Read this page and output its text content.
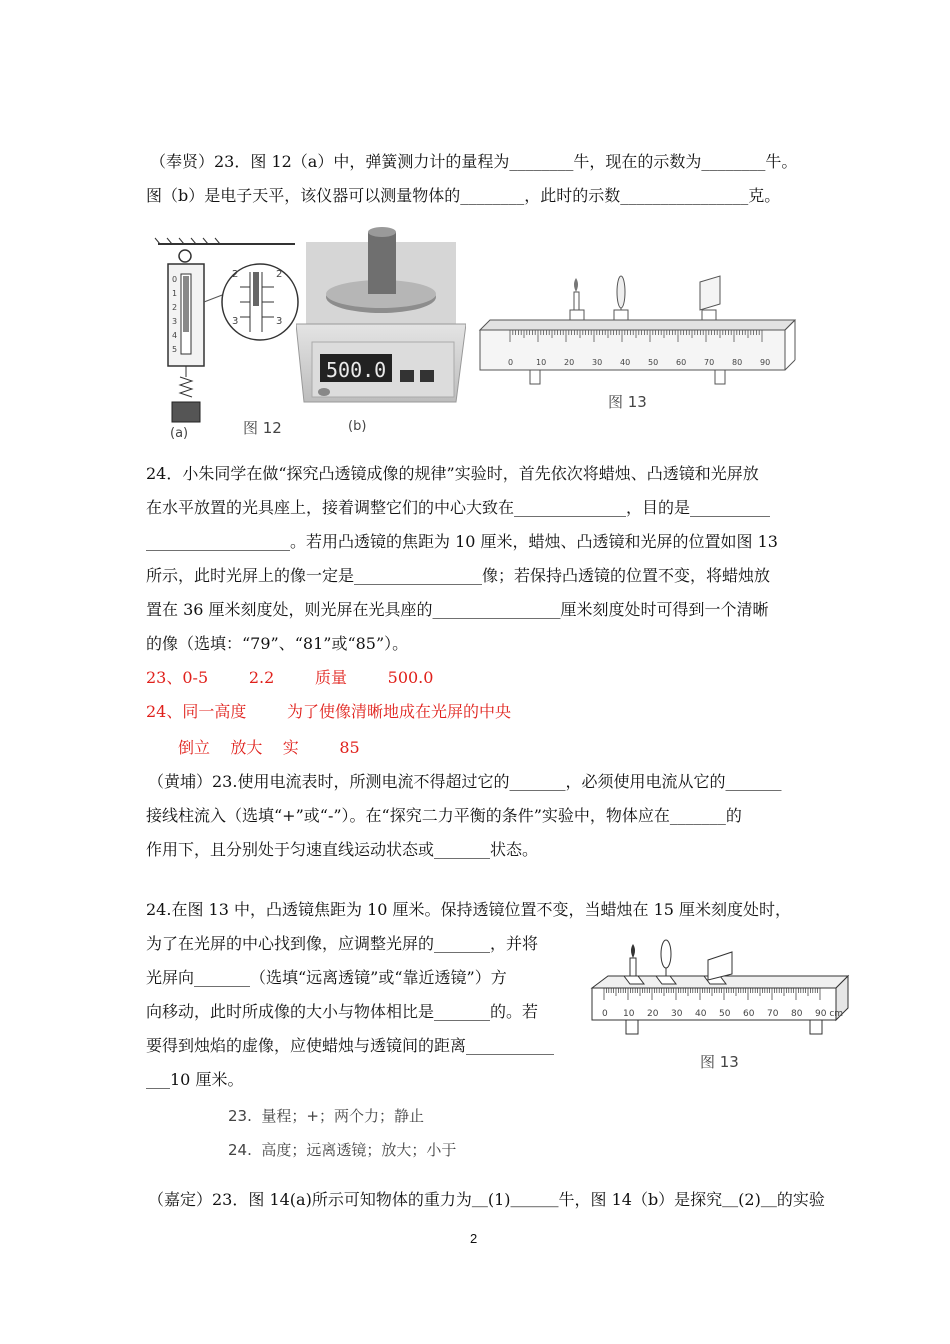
（奉贤）23．图 12（a）中，弹簧测力计的量程为________牛，现在的示数为________牛。
图（b）是电子天平，该仪器可以测量物体的________，此时的示数________________克。
0
1
2
3
4
5
2
3
2
3
(a)
500.0
(b)
图 12
0	10 20 30 40 50 60 70 80 90
图 13
24．小朱同学在做“探究凸透镜成像的规律”实验时，首先依次将蜡烛、凸透镜和光屏放
在水平放置的光具座上，接着调整它们的中心大致在______________，目的是__________
__________________。若用凸透镜的焦距为 10 厘米，蜡烛、凸透镜和光屏的位置如图 13
所示，此时光屏上的像一定是________________像；若保持凸透镜的位置不变，将蜡烛放
置在 36 厘米刻度处，则光屏在光具座的________________厘米刻度处时可得到一个清晰
的像（选填：“79”、“81”或“85”）。
23、0-5        2.2        质量        500.0
24、同一高度        为了使像清晰地成在光屏的中央
倒立    放大    实        85
（黄埔）23.使用电流表时，所测电流不得超过它的_______，必须使用电流从它的_______
接线柱流入（选填“+”或“-”）。在“探究二力平衡的条件”实验中，物体应在_______的
作用下，且分别处于匀速直线运动状态或_______状态。
24.在图 13 中，凸透镜焦距为 10 厘米。保持透镜位置不变，当蜡烛在 15 厘米刻度处时，
为了在光屏的中心找到像，应调整光屏的_______，并将
光屏向_______（选填“远离透镜”或“靠近透镜”）方
向移动，此时所成像的大小与物体相比是_______的。若
要得到烛焰的虚像，应使蜡烛与透镜间的距离___________
___10 厘米。
0 10 20 30 40 50 60 70 80 90 cm
图 13
23.  量程；+；两个力；静止
24.  高度；远离透镜；放大；小于
（嘉定）23．图 14(a)所示可知物体的重力为＿(1)＿＿＿牛，图 14（b）是探究＿(2)＿的实验
2
